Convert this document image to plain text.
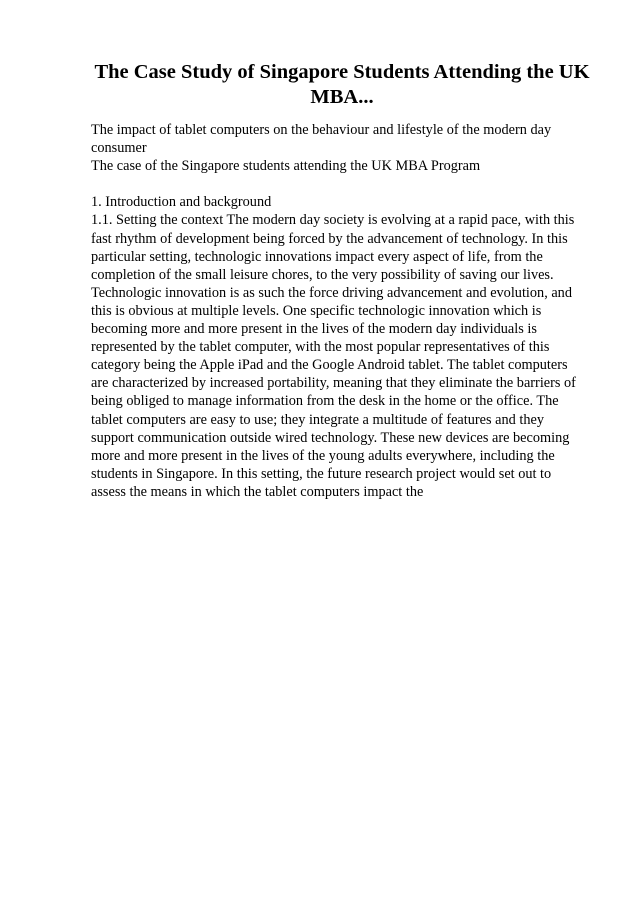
The Case Study of Singapore Students Attending the UK
MBA...
The impact of tablet computers on the behaviour and lifestyle of the modern day
consumer
The case of the Singapore students attending the UK MBA Program
1. Introduction and background
1.1. Setting the context The modern day society is evolving at a rapid pace, with this
fast rhythm of development being forced by the advancement of technology. In this
particular setting, technologic innovations impact every aspect of life, from the
completion of the small leisure chores, to the very possibility of saving our lives.
Technologic innovation is as such the force driving advancement and evolution, and
this is obvious at multiple levels. One specific technologic innovation which is
becoming more and more present in the lives of the modern day individuals is
represented by the tablet computer, with the most popular representatives of this
category being the Apple iPad and the Google Android tablet. The tablet computers
are characterized by increased portability, meaning that they eliminate the barriers of
being obliged to manage information from the desk in the home or the office. The
tablet computers are easy to use; they integrate a multitude of features and they
support communication outside wired technology. These new devices are becoming
more and more present in the lives of the young adults everywhere, including the
students in Singapore. In this setting, the future research project would set out to
assess the means in which the tablet computers impact the
